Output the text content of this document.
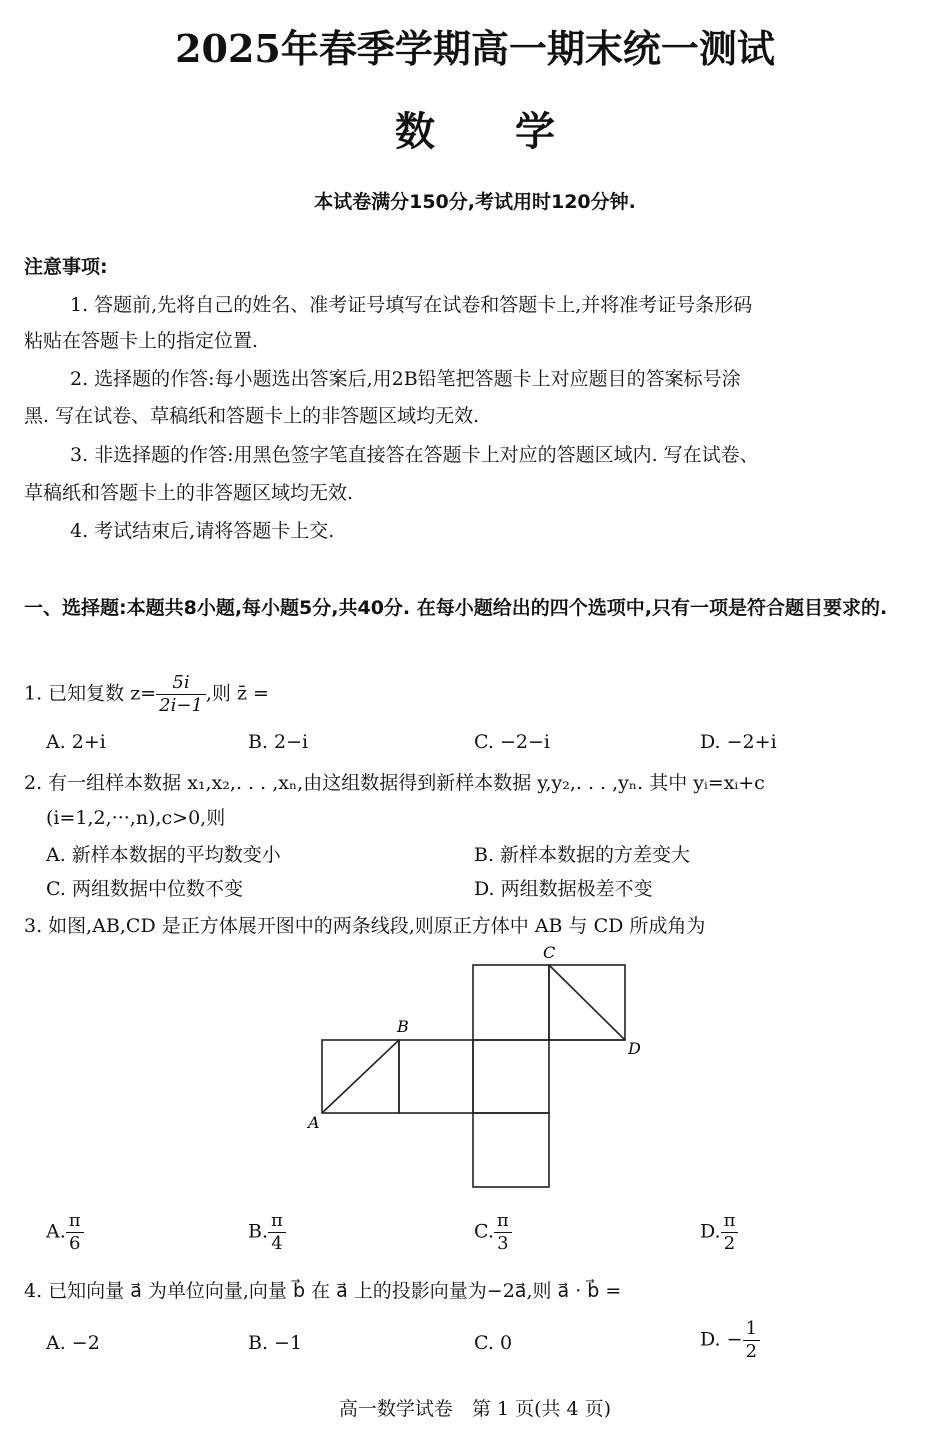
2025年春季学期高一期末统一测试
数学
本试卷满分150分,考试用时120分钟.
注意事项:
1. 答题前,先将自己的姓名、准考证号填写在试卷和答题卡上,并将准考证号条形码
粘贴在答题卡上的指定位置.
2. 选择题的作答:每小题选出答案后,用2B铅笔把答题卡上对应题目的答案标号涂
黑. 写在试卷、草稿纸和答题卡上的非答题区域均无效.
3. 非选择题的作答:用黑色签字笔直接答在答题卡上对应的答题区域内. 写在试卷、
草稿纸和答题卡上的非答题区域均无效.
4. 考试结束后,请将答题卡上交.
一、选择题:本题共8小题,每小题5分,共40分. 在每小题给出的四个选项中,只有一项是符合题目要求的.
1. 已知复数 $z= \frac{5i}{2i-1}$ ,则 z̄ =
A. 2+i	B. 2−i	C. −2−i	D. −2+i
2. 有一组样本数据 x₁,x₂,. . . ,xₙ,由这组数据得到新样本数据 y,y₂,. . . ,yₙ. 其中 yᵢ=xᵢ+c
(i=1,2,···,n),c>0,则
A. 新样本数据的平均数变小	B. 新样本数据的方差变大
C. 两组数据中位数不变	D. 两组数据极差不变
3. 如图,AB,CD 是正方体展开图中的两条线段,则原正方体中 AB 与 CD 所成角为
A
B
C
D
A. $\frac{\pi}{6}$	B. $\frac{\pi}{4}$	C. $\frac{\pi}{3}$	D. $\frac{\pi}{2}$
4. 已知向量 a⃗ 为单位向量,向量 b⃗ 在 a⃗ 上的投影向量为−2a⃗,则 a⃗ · b⃗ =
A. −2	B. −1	C. 0	D. − $\frac{1}{2}$
高一数学试卷　第 1 页(共 4 页)
